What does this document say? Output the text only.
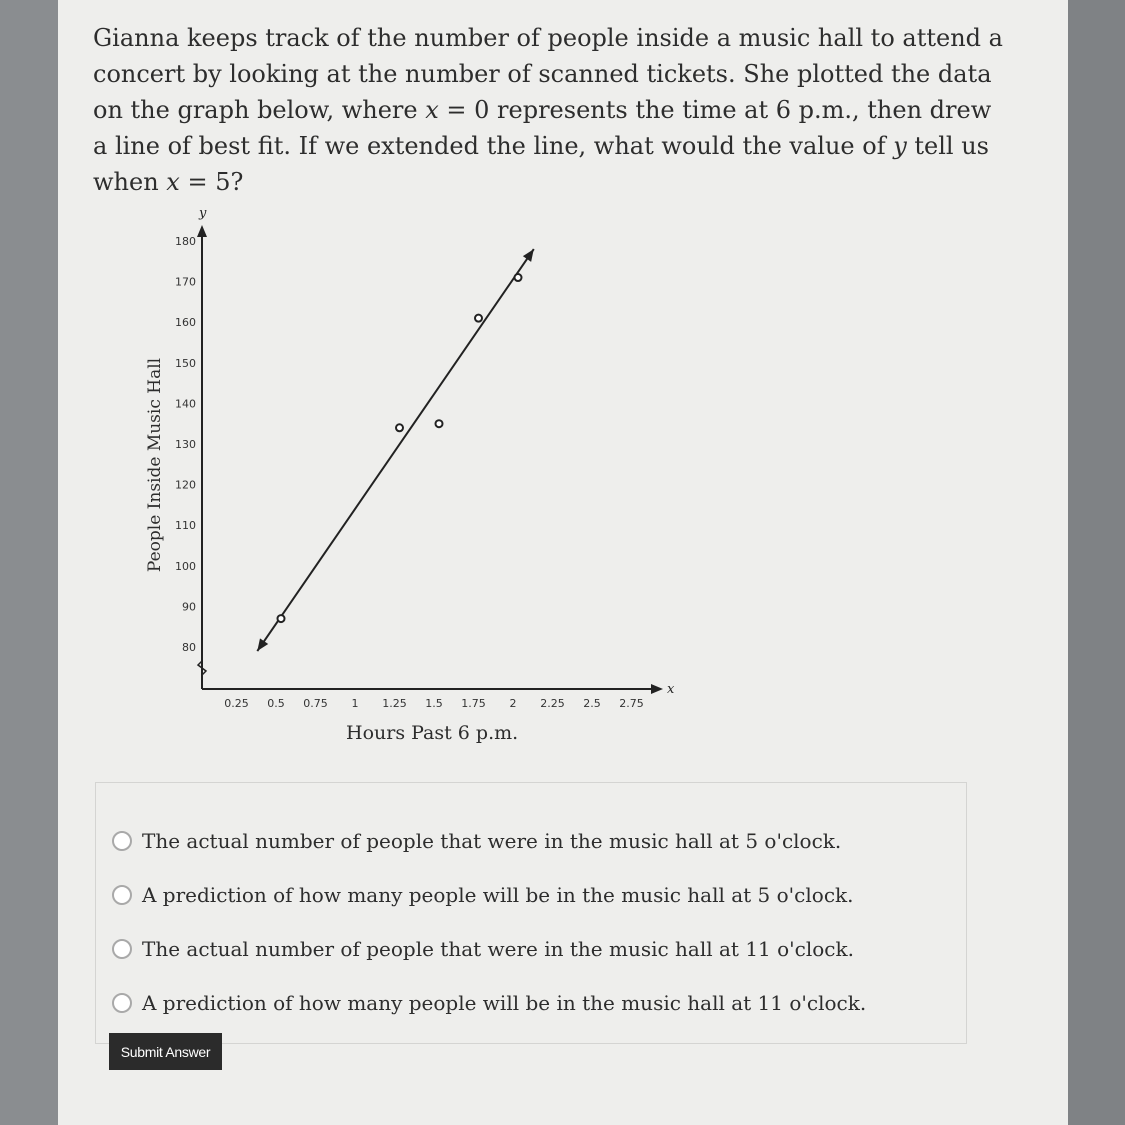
Gianna keeps track of the number of people inside a music hall to attend a concert by looking at the number of scanned tickets. She plotted the data on the graph below, where x = 0 represents the time at 6 p.m., then drew a line of best fit. If we extended the line, what would the value of y tell us when x = 5?
x
y
0.25 0.5 0.75 1 1.25 1.5 1.75 2 2.25 2.5 2.75
80
90
100
110
120
130
140
150
160
170
180
People Inside Music Hall
Hours Past 6 p.m.
The actual number of people that were in the music hall at 5 o'clock.
A prediction of how many people will be in the music hall at 5 o'clock.
The actual number of people that were in the music hall at 11 o'clock.
A prediction of how many people will be in the music hall at 11 o'clock.
Submit Answer
